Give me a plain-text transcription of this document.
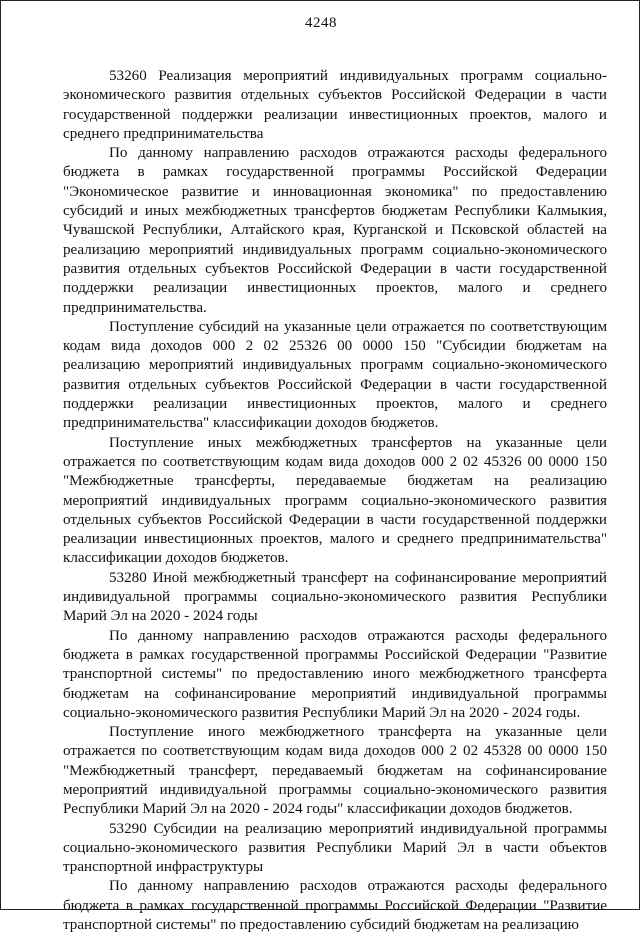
4248

53260 Реализация мероприятий индивидуальных программ социально-экономического развития отдельных субъектов Российской Федерации в части государственной поддержки реализации инвестиционных проектов, малого и среднего предпринимательства

По данному направлению расходов отражаются расходы федерального бюджета в рамках государственной программы Российской Федерации "Экономическое развитие и инновационная экономика" по предоставлению субсидий и иных межбюджетных трансфертов бюджетам Республики Калмыкия, Чувашской Республики, Алтайского края, Курганской и Псковской областей на реализацию мероприятий индивидуальных программ социально-экономического развития отдельных субъектов Российской Федерации в части государственной поддержки реализации инвестиционных проектов, малого и среднего предпринимательства.

Поступление субсидий на указанные цели отражается по соответствующим кодам вида доходов 000 2 02 25326 00 0000 150 "Субсидии бюджетам на реализацию мероприятий индивидуальных программ социально-экономического развития отдельных субъектов Российской Федерации в части государственной поддержки реализации инвестиционных проектов, малого и среднего предпринимательства" классификации доходов бюджетов.

Поступление иных межбюджетных трансфертов на указанные цели отражается по соответствующим кодам вида доходов 000 2 02 45326 00 0000 150 "Межбюджетные трансферты, передаваемые бюджетам на реализацию мероприятий индивидуальных программ социально-экономического развития отдельных субъектов Российской Федерации в части государственной поддержки реализации инвестиционных проектов, малого и среднего предпринимательства" классификации доходов бюджетов.

53280 Иной межбюджетный трансферт на софинансирование мероприятий индивидуальной программы социально-экономического развития Республики Марий Эл на 2020 - 2024 годы

По данному направлению расходов отражаются расходы федерального бюджета в рамках государственной программы Российской Федерации "Развитие транспортной системы" по предоставлению иного межбюджетного трансферта бюджетам на софинансирование мероприятий индивидуальной программы социально-экономического развития Республики Марий Эл на 2020 - 2024 годы.

Поступление иного межбюджетного трансферта на указанные цели отражается по соответствующим кодам вида доходов 000 2 02 45328 00 0000 150 "Межбюджетный трансферт, передаваемый бюджетам на софинансирование мероприятий индивидуальной программы социально-экономического развития Республики Марий Эл на 2020 - 2024 годы" классификации доходов бюджетов.

53290 Субсидии на реализацию мероприятий индивидуальной программы социально-экономического развития Республики Марий Эл в части объектов транспортной инфраструктуры

По данному направлению расходов отражаются расходы федерального бюджета в рамках государственной программы Российской Федерации "Развитие транспортной системы" по предоставлению субсидий бюджетам на реализацию
